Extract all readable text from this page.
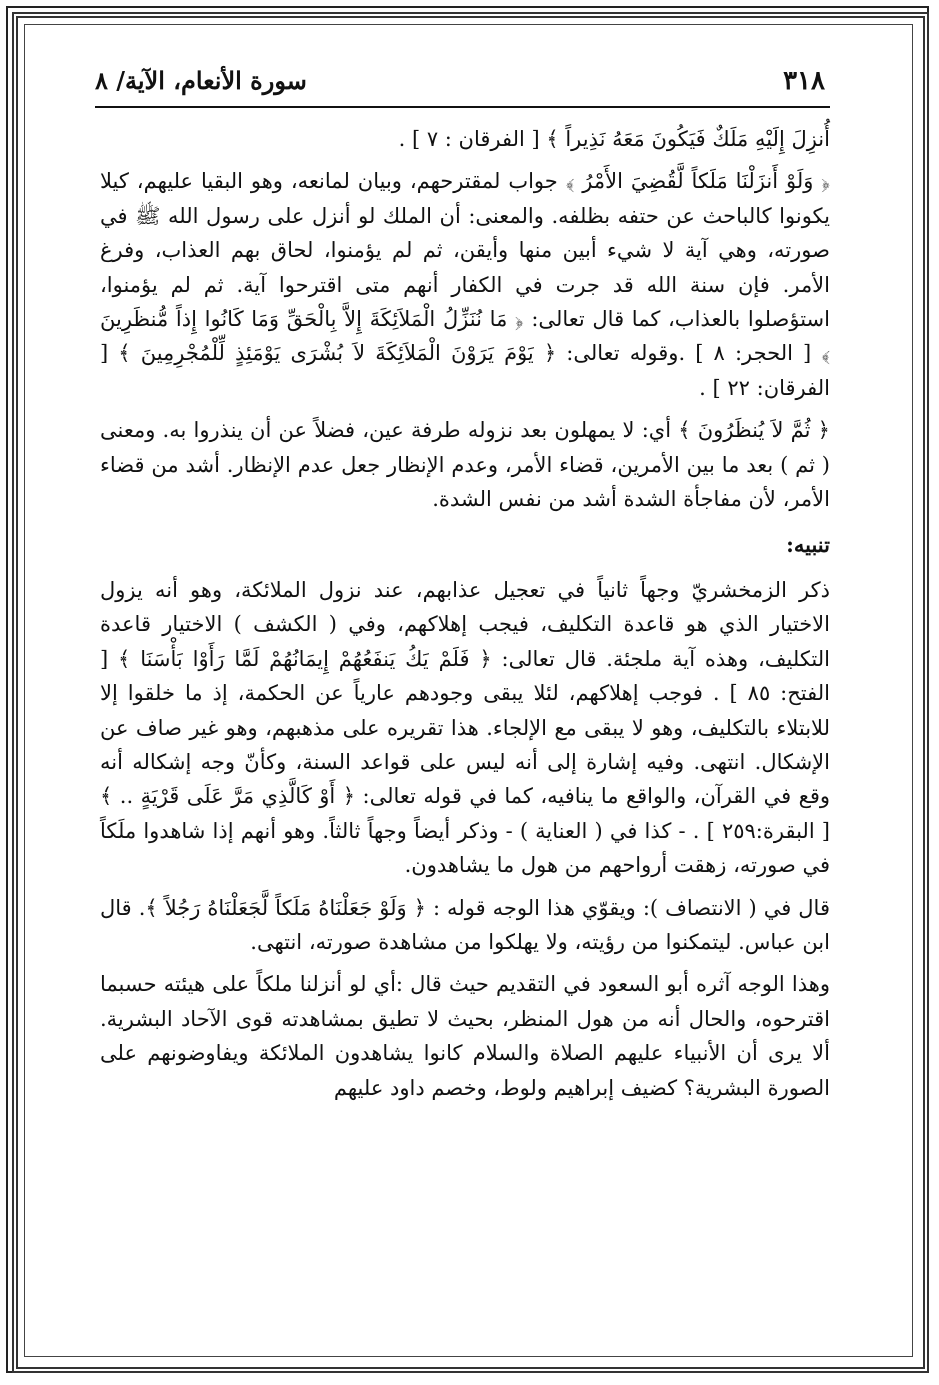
٣١٨
سورة الأنعام، الآية/ ٨

أُنزِلَ إِلَيْهِ مَلَكٌ فَيَكُونَ مَعَهُ نَذِيراً ﴾ [ الفرقان : ٧ ] .

﴿ وَلَوْ أَنزَلْنَا مَلَكاً لَّقُضِيَ الأَمْرُ ﴾ جواب لمقترحهم، وبيان لمانعه، وهو البقيا عليهم، كيلا يكونوا كالباحث عن حتفه بظلفه. والمعنى: أن الملك لو أنزل على رسول الله ﷺ في صورته، وهي آية لا شيء أبين منها وأيقن، ثم لم يؤمنوا، لحاق بهم العذاب، وفرغ الأمر. فإن سنة الله قد جرت في الكفار أنهم متى اقترحوا آية. ثم لم يؤمنوا، استؤصلوا بالعذاب، كما قال تعالى: ﴿ مَا نُنَزِّلُ الْمَلاَئِكَةَ إِلاَّ بِالْحَقِّ وَمَا كَانُوا إِذاً مُّنظَرِينَ ﴾ [ الحجر: ٨ ] .وقوله تعالى: ﴿ يَوْمَ يَرَوْنَ الْمَلاَئِكَةَ لاَ بُشْرَى يَوْمَئِذٍ لِّلْمُجْرِمِينَ ﴾ [ الفرقان: ٢٢ ] .

﴿ ثُمَّ لاَ يُنظَرُونَ ﴾ أي: لا يمهلون بعد نزوله طرفة عين، فضلاً عن أن ينذروا به. ومعنى ( ثم ) بعد ما بين الأمرين، قضاء الأمر، وعدم الإنظار جعل عدم الإنظار. أشد من قضاء الأمر، لأن مفاجأة الشدة أشد من نفس الشدة.

تنبيه:

ذكر الزمخشريّ وجهاً ثانياً في تعجيل عذابهم، عند نزول الملائكة، وهو أنه يزول الاختيار الذي هو قاعدة التكليف، فيجب إهلاكهم، وفي ( الكشف ) الاختيار قاعدة التكليف، وهذه آية ملجئة. قال تعالى: ﴿ فَلَمْ يَكُ يَنفَعُهُمْ إِيمَانُهُمْ لَمَّا رَأَوْا بَأْسَنَا ﴾ [ الفتح: ٨٥ ] . فوجب إهلاكهم، لئلا يبقى وجودهم عارياً عن الحكمة، إذ ما خلقوا إلا للابتلاء بالتكليف، وهو لا يبقى مع الإلجاء. هذا تقريره على مذهبهم، وهو غير صاف عن الإشكال. انتهى. وفيه إشارة إلى أنه ليس على قواعد السنة، وكأنّ وجه إشكاله أنه وقع في القرآن، والواقع ما ينافيه، كما في قوله تعالى: ﴿ أَوْ كَالَّذِي مَرَّ عَلَى قَرْيَةٍ .. ﴾ [ البقرة:٢٥٩ ] . - كذا في ( العناية ) - وذكر أيضاً وجهاً ثالثاً. وهو أنهم إذا شاهدوا ملَكاً في صورته، زهقت أرواحهم من هول ما يشاهدون.

قال في ( الانتصاف ): ويقوّي هذا الوجه قوله : ﴿ وَلَوْ جَعَلْنَاهُ مَلَكاً لَّجَعَلْنَاهُ رَجُلاً ﴾. قال ابن عباس. ليتمكنوا من رؤيته، ولا يهلكوا من مشاهدة صورته، انتهى.

وهذا الوجه آثره أبو السعود في التقديم حيث قال :أي لو أنزلنا ملكاً على هيئته حسبما اقترحوه، والحال أنه من هول المنظر، بحيث لا تطيق بمشاهدته قوى الآحاد البشرية. ألا يرى أن الأنبياء عليهم الصلاة والسلام كانوا يشاهدون الملائكة ويفاوضونهم على الصورة البشرية؟ كضيف إبراهيم ولوط، وخصم داود عليهم
